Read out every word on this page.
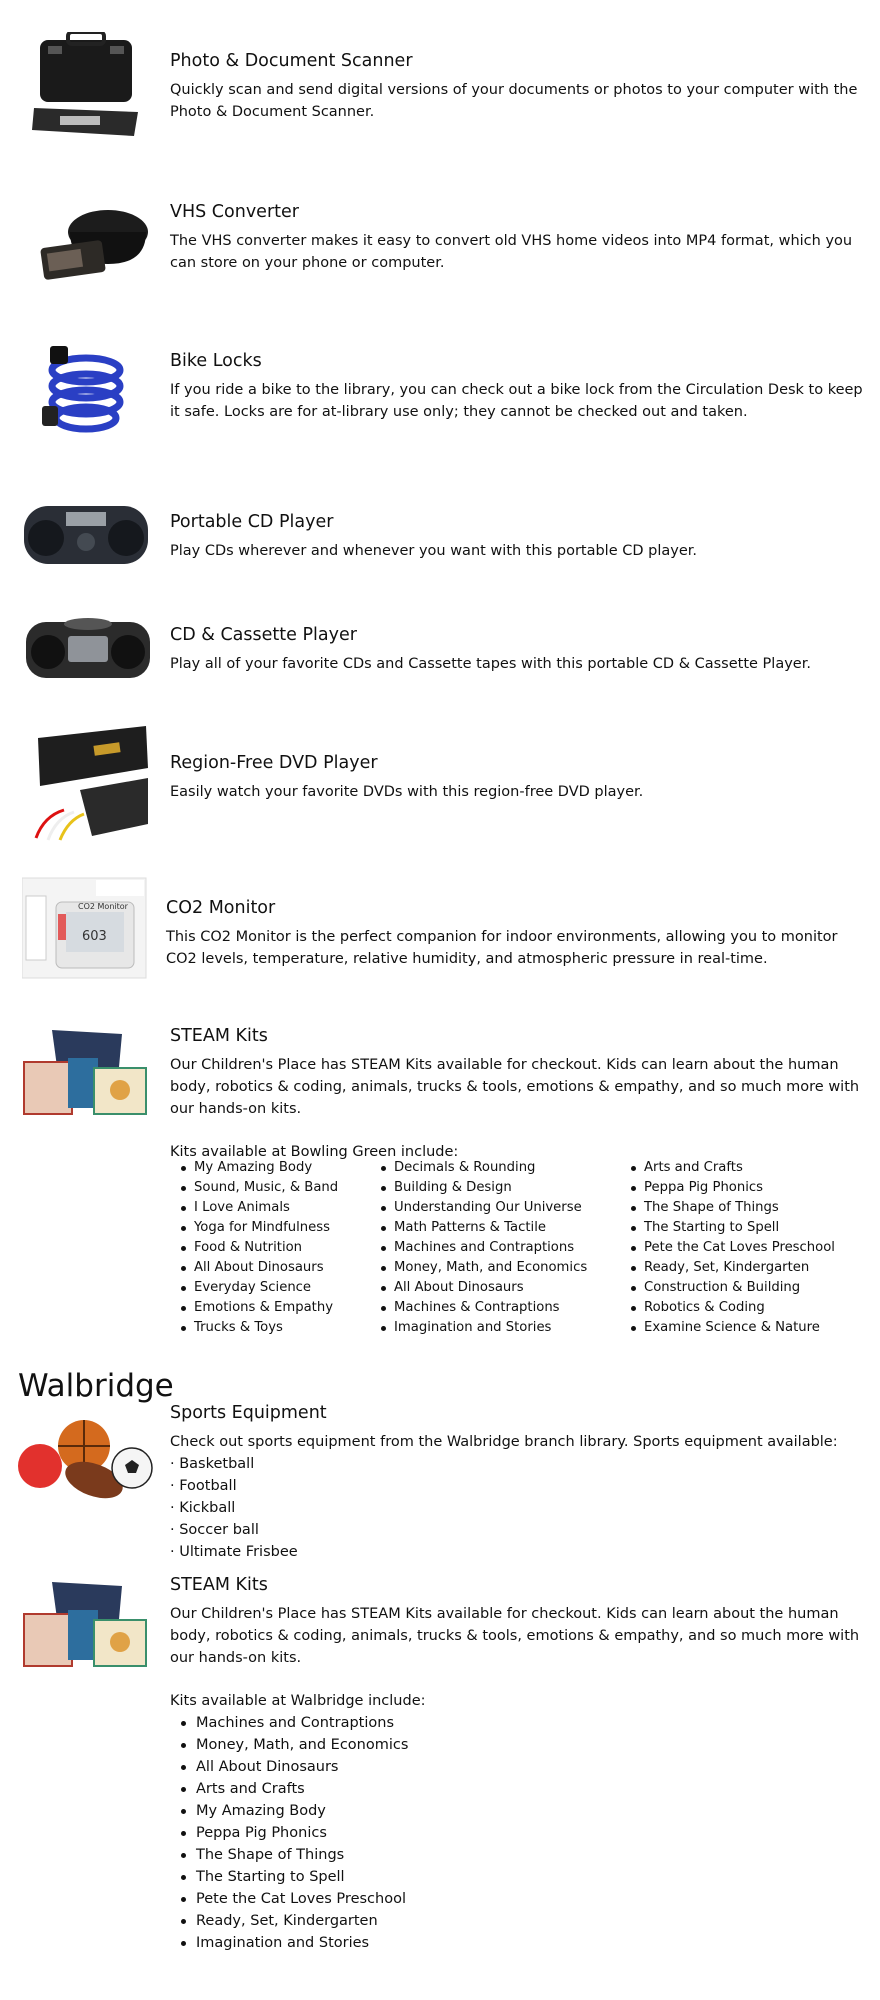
Photo & Document Scanner

Quickly scan and send digital versions of your documents or photos to your computer with the Photo & Document Scanner.

VHS Converter

The VHS converter makes it easy to convert old VHS home videos into MP4 format, which you can store on your phone or computer.

Bike Locks

If you ride a bike to the library, you can check out a bike lock from the Circulation Desk to keep it safe. Locks are for at-library use only; they cannot be checked out and taken.

Portable CD Player

Play CDs wherever and whenever you want with this portable CD player.

CD & Cassette Player

Play all of your favorite CDs and Cassette tapes with this portable CD & Cassette Player.

Region-Free DVD Player

Easily watch your favorite DVDs with this region-free DVD player.

CO2 Monitor
603
CO2 Monitor

This CO2 Monitor is the perfect companion for indoor environments, allowing you to monitor CO2 levels, temperature, relative humidity, and atmospheric pressure in real-time.

STEAM Kits

Our Children's Place has STEAM Kits available for checkout. Kids can learn about the human body, robotics & coding, animals, trucks & tools, emotions & empathy, and so much more with our hands-on kits.

Kits available at Bowling Green include:

My Amazing Body
Sound, Music, & Band
I Love Animals
Yoga for Mindfulness
Food & Nutrition
All About Dinosaurs
Everyday Science
Emotions & Empathy
Trucks & Toys
Decimals & Rounding
Building & Design
Understanding Our Universe
Math Patterns & Tactile
Machines and Contraptions
Money, Math, and Economics
All About Dinosaurs
Machines & Contraptions
Imagination and Stories
Arts and Crafts
Peppa Pig Phonics
The Shape of Things
The Starting to Spell
Pete the Cat Loves Preschool
Ready, Set, Kindergarten
Construction & Building
Robotics & Coding
Examine Science & Nature
Walbridge
Sports Equipment

Check out sports equipment from the Walbridge branch library. Sports equipment available:

· Basketball
· Football
· Kickball
· Soccer ball
· Ultimate Frisbee
STEAM Kits

Our Children's Place has STEAM Kits available for checkout. Kids can learn about the human body, robotics & coding, animals, trucks & tools, emotions & empathy, and so much more with our hands-on kits.

Kits available at Walbridge include:

Machines and Contraptions
Money, Math, and Economics
All About Dinosaurs
Arts and Crafts
My Amazing Body
Peppa Pig Phonics
The Shape of Things
The Starting to Spell
Pete the Cat Loves Preschool
Ready, Set, Kindergarten
Imagination and Stories
